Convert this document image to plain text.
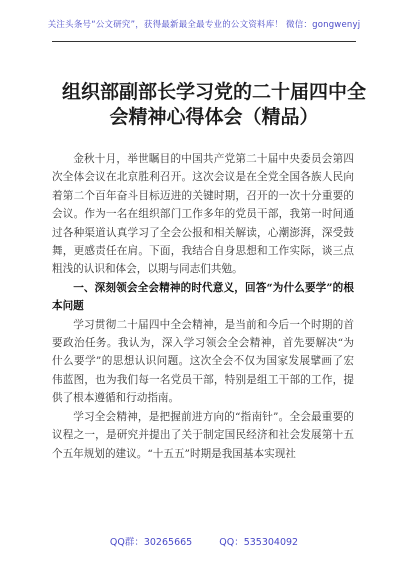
关注头条号“公文研究”，获得最新最全最专业的公文资料库！ 微信：gongwenyj
组织部副部长学习党的二十届四中全会精神心得体会（精品）

金秋十月，举世瞩目的中国共产党第二十届中央委员会第四次全体会议在北京胜利召开。这次会议是在全党全国各族人民向着第二个百年奋斗目标迈进的关键时期，召开的一次十分重要的会议。作为一名在组织部门工作多年的党员干部，我第一时间通过各种渠道认真学习了全会公报和相关解读，心潮澎湃，深受鼓舞，更感责任在肩。下面，我结合自身思想和工作实际，谈三点粗浅的认识和体会，以期与同志们共勉。

一、深刻领会全会精神的时代意义，回答“为什么要学”的根本问题

学习贯彻二十届四中全会精神，是当前和今后一个时期的首要政治任务。我认为，深入学习领会全会精神，首先要解决“为什么要学”的思想认识问题。这次全会不仅为国家发展擘画了宏伟蓝图，也为我们每一名党员干部，特别是组工干部的工作，提供了根本遵循和行动指南。

学习全会精神，是把握前进方向的“指南针”。全会最重要的议程之一，是研究并提出了关于制定国民经济和社会发展第十五个五年规划的建议。“十五五”时期是我国基本实现社

QQ群：30265665	QQ：535304092
